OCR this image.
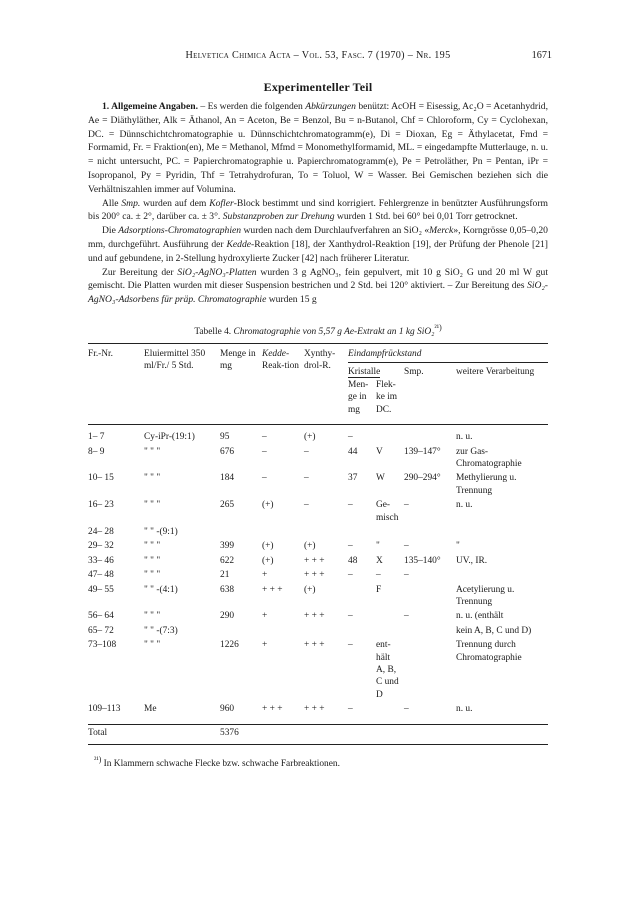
Helvetica Chimica Acta – Vol. 53, Fasc. 7 (1970) – Nr. 195	1671
Experimenteller Teil

1. Allgemeine Angaben. – Es werden die folgenden Abkürzungen benützt: AcOH = Eisessig, Ac₂O = Acetanhydrid, Ae = Diäthyläther, Alk = Äthanol, An = Aceton, Be = Benzol, Bu = n-Butanol, Chf = Chloroform, Cy = Cyclohexan, DC. = Dünnschichtchromatographie u. Dünnschichtchromatogramm(e), Di = Dioxan, Eg = Äthylacetat, Fmd = Formamid, Fr. = Fraktion(en), Me = Methanol, Mfmd = Monomethylformamid, ML. = eingedampfte Mutterlauge, n. u. = nicht untersucht, PC. = Papierchromatographie u. Papierchromatogramm(e), Pe = Petroläther, Pn = Pentan, iPr = Isopropanol, Py = Pyridin, Thf = Tetrahydrofuran, To = Toluol, W = Wasser. Bei Gemischen beziehen sich die Verhältniszahlen immer auf Volumina.

Alle Smp. wurden auf dem Kofler-Block bestimmt und sind korrigiert. Fehlergrenze in benützter Ausführungsform bis 200° ca. ± 2°, darüber ca. ± 3°. Substanzproben zur Drehung wurden 1 Std. bei 60° bei 0,01 Torr getrocknet.

Die Adsorptions-Chromatographien wurden nach dem Durchlaufverfahren an SiO₂ «Merck», Korngrösse 0,05–0,20 mm, durchgeführt. Ausführung der Kedde-Reaktion [18], der Xanthydrol-Reaktion [19], der Prüfung der Phenole [21] und auf gebundene, in 2-Stellung hydroxylierte Zucker [42] nach früherer Literatur.

Zur Bereitung der SiO₂-AgNO₃-Platten wurden 3 g AgNO₃, fein gepulvert, mit 10 g SiO₂ G und 20 ml W gut gemischt. Die Platten wurden mit dieser Suspension bestrichen und 2 Std. bei 120° aktiviert. – Zur Bereitung des SiO₂-AgNO₃-Adsorbens für präp. Chromatographie wurden 15 g

Tabelle 4. Chromatographie von 5,57 g Ae-Extrakt an 1 kg SiO₂$^{^{21})}$
Fr.-Nr.	Eluiermittel 350 ml/Fr./ 5 Std.	Menge in mg	Kedde-Reak-tion	Xynthy-drol-R.	Eindampfrückstand			
					Kristalle		Smp.	weitere Verarbeitung
					Men-ge in mg	Flek-ke im DC.		

1– 7	Cy-iPr-(19:1)	95	–	(+)	–			n. u.
8– 9	" " "	676	–	–	44	V	139–147°	zur Gas-Chromatographie
10– 15	" " "	184	–	–	37	W	290–294°	Methylierung u. Trennung
16– 23	" " "	265	(+)	–	–	Ge-misch	–	n. u.
24– 28	" " -(9:1)							
29– 32	" " "	399	(+)	(+)	–	"	–	"
33– 46	" " "	622	(+)	+ + +	48	X	135–140°	UV., IR.
47– 48	" " "	21	+	+ + +	–	–	–	
49– 55	" " -(4:1)	638	+ + +	(+)		F		Acetylierung u. Trennung
56– 64	" " "	290	+	+ + +	–		–	n. u. (enthält
65– 72	" " -(7:3)							kein A, B, C und D)
73–108	" " "	1226	+	+ + +	–	ent-hält A, B, C und D		Trennung durch Chromatographie
109–113	Me	960	+ + +	+ + +	–		–	n. u.

Total		5376						

$^{^{21})}$ In Klammern schwache Flecke bzw. schwache Farbreaktionen.
